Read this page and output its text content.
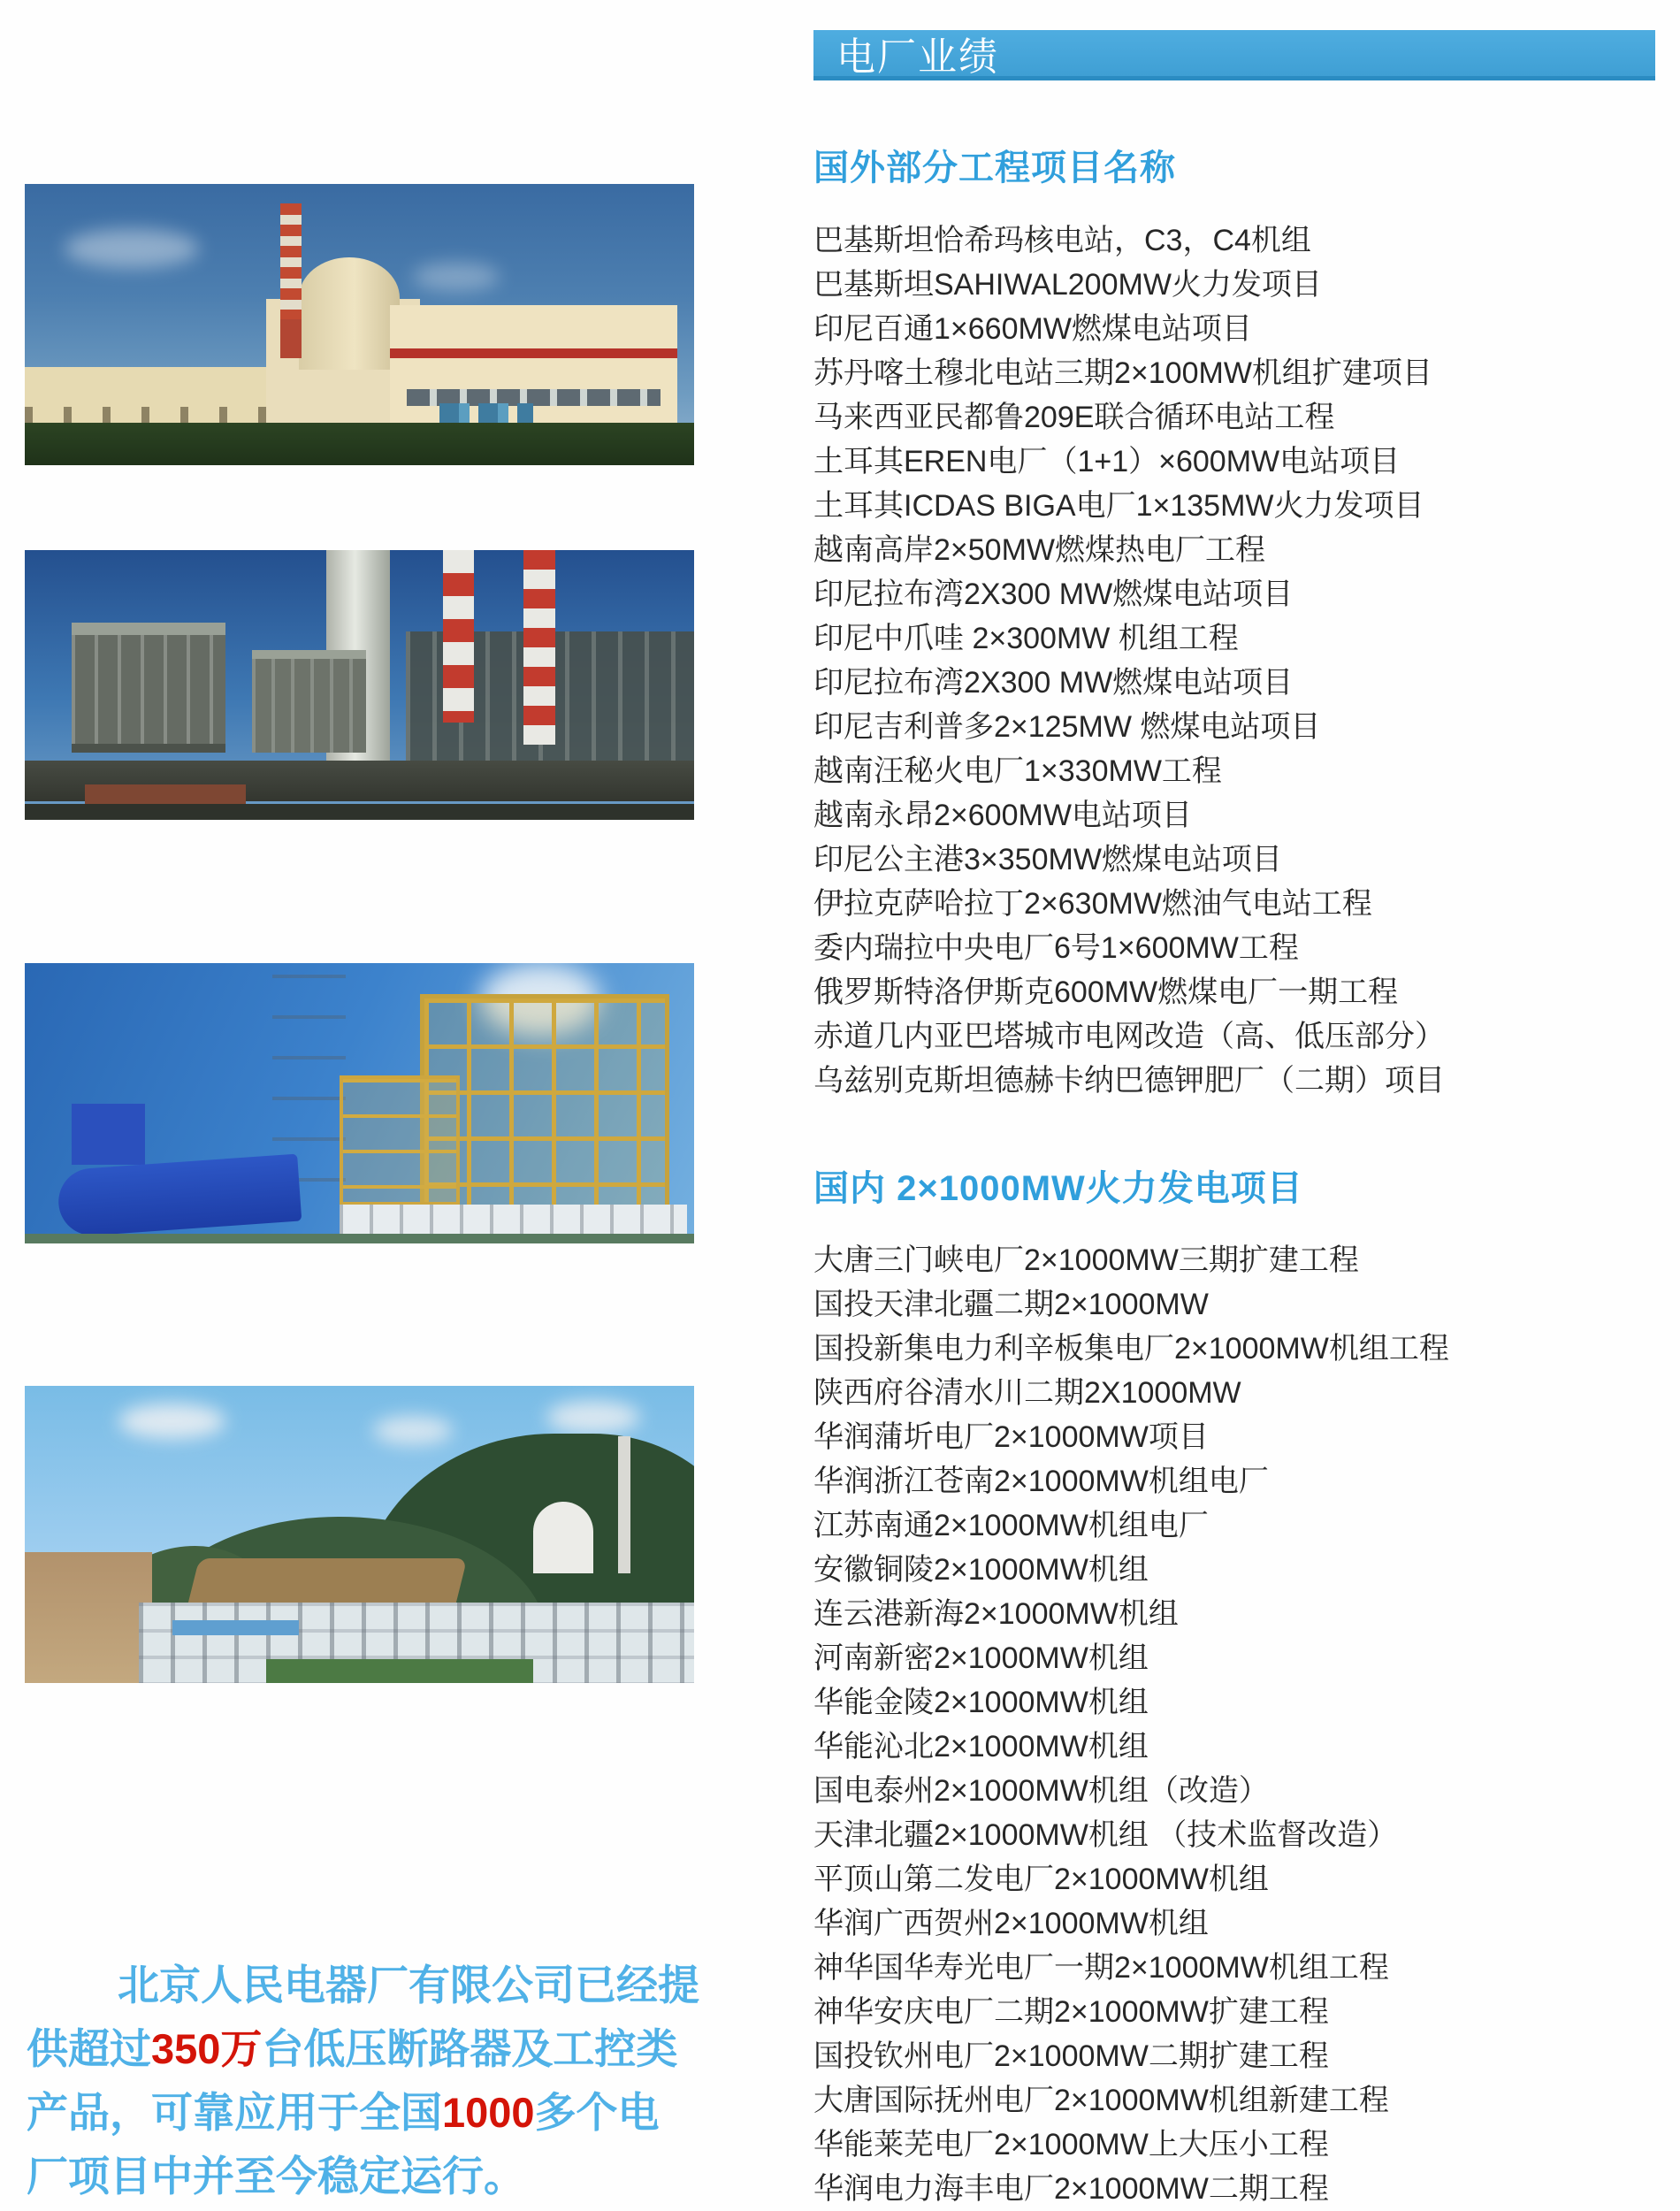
电厂业绩
国外部分工程项目名称
巴基斯坦恰希玛核电站，C3，C4机组
巴基斯坦SAHIWAL200MW火力发项目
印尼百通1×660MW燃煤电站项目
苏丹喀土穆北电站三期2×100MW机组扩建项目
马来西亚民都鲁209E联合循环电站工程
土耳其EREN电厂（1+1）×600MW电站项目
土耳其ICDAS BIGA电厂1×135MW火力发项目
越南高岸2×50MW燃煤热电厂工程
印尼拉布湾2X300 MW燃煤电站项目
印尼中爪哇 2×300MW 机组工程
印尼拉布湾2X300 MW燃煤电站项目
印尼吉利普多2×125MW 燃煤电站项目
越南汪秘火电厂1×330MW工程
越南永昂2×600MW电站项目
印尼公主港3×350MW燃煤电站项目
伊拉克萨哈拉丁2×630MW燃油气电站工程
委内瑞拉中央电厂6号1×600MW工程
俄罗斯特洛伊斯克600MW燃煤电厂一期工程
赤道几内亚巴塔城市电网改造（高、低压部分）
乌兹别克斯坦德赫卡纳巴德钾肥厂（二期）项目
国内 2×1000MW火力发电项目
大唐三门峡电厂2×1000MW三期扩建工程
国投天津北疆二期2×1000MW
国投新集电力利辛板集电厂2×1000MW机组工程
陕西府谷清水川二期2X1000MW
华润蒲圻电厂2×1000MW项目
华润浙江苍南2×1000MW机组电厂
江苏南通2×1000MW机组电厂
安徽铜陵2×1000MW机组
连云港新海2×1000MW机组
河南新密2×1000MW机组
华能金陵2×1000MW机组
华能沁北2×1000MW机组
国电泰州2×1000MW机组（改造）
天津北疆2×1000MW机组 （技术监督改造）
平顶山第二发电厂2×1000MW机组
华润广西贺州2×1000MW机组
神华国华寿光电厂一期2×1000MW机组工程
神华安庆电厂二期2×1000MW扩建工程
国投钦州电厂2×1000MW二期扩建工程
大唐国际抚州电厂2×1000MW机组新建工程
华能莱芜电厂2×1000MW上大压小工程
华润电力海丰电厂2×1000MW二期工程
北京人民电器厂有限公司已经提
供超过350万台低压断路器及工控类
产品，可靠应用于全国1000多个电
厂项目中并至今稳定运行。
